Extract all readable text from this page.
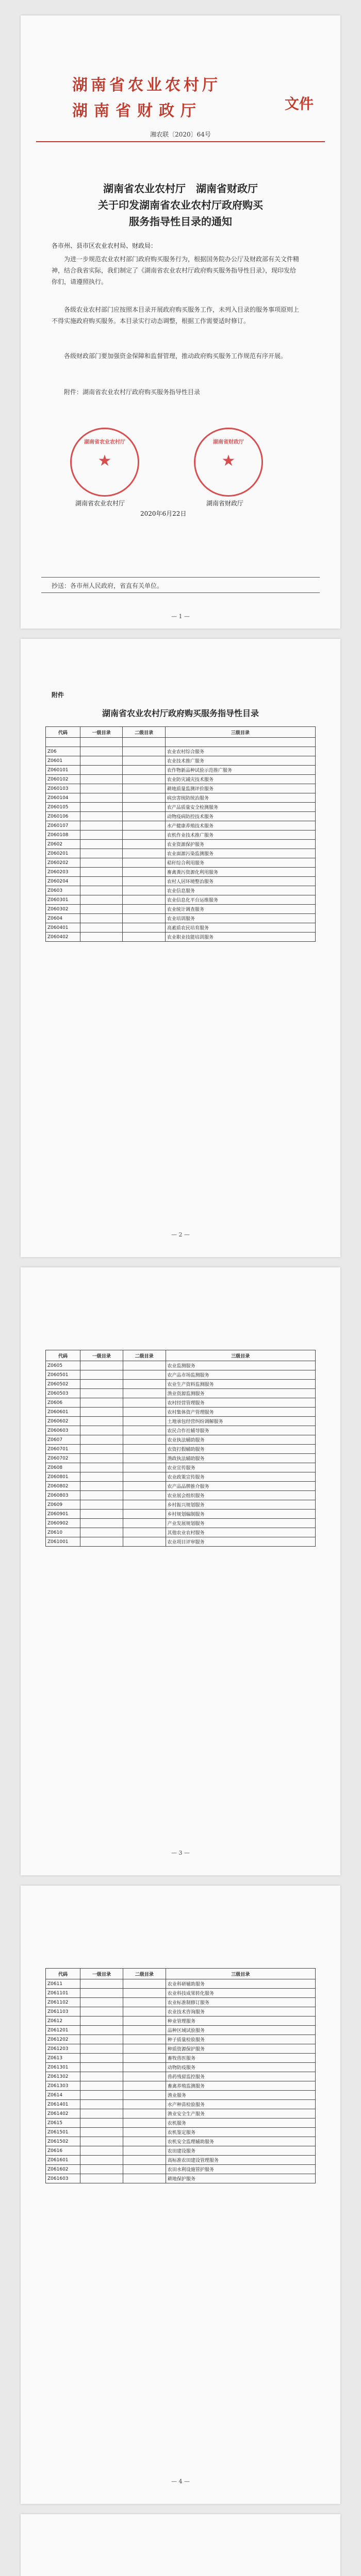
湖南省农业农村厅
湖南省财政厅	文件
湘农联〔2020〕64号
湖南省农业农村厅　湖南省财政厅
关于印发湖南省农业农村厅政府购买
服务指导性目录的通知
各市州、县市区农业农村局、财政局：
为进一步规范农业农村部门政府购买服务行为，根据国务院办公厅及财政部有关文件精神，结合我省实际，我们制定了《湖南省农业农村厅政府购买服务指导性目录》，现印发给你们，请遵照执行。
各级农业农村部门应按照本目录开展政府购买服务工作，未列入目录的服务事项原则上不得实施政府购买服务。本目录实行动态调整，根据工作需要适时修订。
各级财政部门要加强资金保障和监督管理，推动政府购买服务工作规范有序开展。
附件：湖南省农业农村厅政府购买服务指导性目录
湖南省农业农村厅
★
湖南省财政厅
★
湖南省农业农村厅	湖南省财政厅
2020年6月22日
抄送：各市州人民政府，省直有关单位。
— 1 —
附件
湖南省农业农村厅政府购买服务指导性目录
代码	一级目录	二级目录	三级目录

Z06			农业农村综合服务
Z0601			农业技术推广服务
Z060101			农作物新品种试验示范推广服务
Z060102			农业防灾减灾技术服务
Z060103			耕地质量监测评价服务
Z060104			病虫害统防统治服务
Z060105			农产品质量安全检测服务
Z060106			动物疫病防控技术服务
Z060107			水产健康养殖技术服务
Z060108			农机作业技术推广服务
Z0602			农业资源保护服务
Z060201			农业面源污染监测服务
Z060202			秸秆综合利用服务
Z060203			畜禽粪污资源化利用服务
Z060204			农村人居环境整治服务
Z0603			农业信息服务
Z060301			农业信息化平台运维服务
Z060302			农业统计调查服务
Z0604			农业培训服务
Z060401			高素质农民培育服务
Z060402			农业职业技能培训服务
— 2 —
代码	一级目录	二级目录	三级目录
Z0605			农业监测服务
Z060501			农产品市场监测服务
Z060502			农业生产资料监测服务
Z060503			渔业资源监测服务
Z0606			农村经营管理服务
Z060601			农村集体资产管理服务
Z060602			土地承包经营纠纷调解服务
Z060603			农民合作社辅导服务
Z0607			农业执法辅助服务
Z060701			农资打假辅助服务
Z060702			渔政执法辅助服务
Z0608			农业宣传服务
Z060801			农业政策宣传服务
Z060802			农产品品牌推介服务
Z060803			农业展会组织服务
Z0609			乡村振兴规划服务
Z060901			乡村规划编制服务
Z060902			产业发展规划服务
Z0610			其他农业农村服务
Z061001			农业项目评审服务
— 3 —
代码	一级目录	二级目录	三级目录
Z0611			农业科研辅助服务
Z061101			农业科技成果转化服务
Z061102			农业标准制修订服务
Z061103			农业技术咨询服务
Z0612			种业管理服务
Z061201			品种区域试验服务
Z061202			种子质量检验服务
Z061203			种质资源保护服务
Z0613			畜牧兽医服务
Z061301			动物防疫服务
Z061302			兽药残留监控服务
Z061303			畜禽养殖监测服务
Z0614			渔业服务
Z061401			水产种苗检验服务
Z061402			渔业安全生产服务
Z0615			农机服务
Z061501			农机鉴定服务
Z061502			农机安全监理辅助服务
Z0616			农田建设服务
Z061601			高标准农田建设管理服务
Z061602			农田水利设施管护服务
Z061603			耕地保护服务
— 4 —
